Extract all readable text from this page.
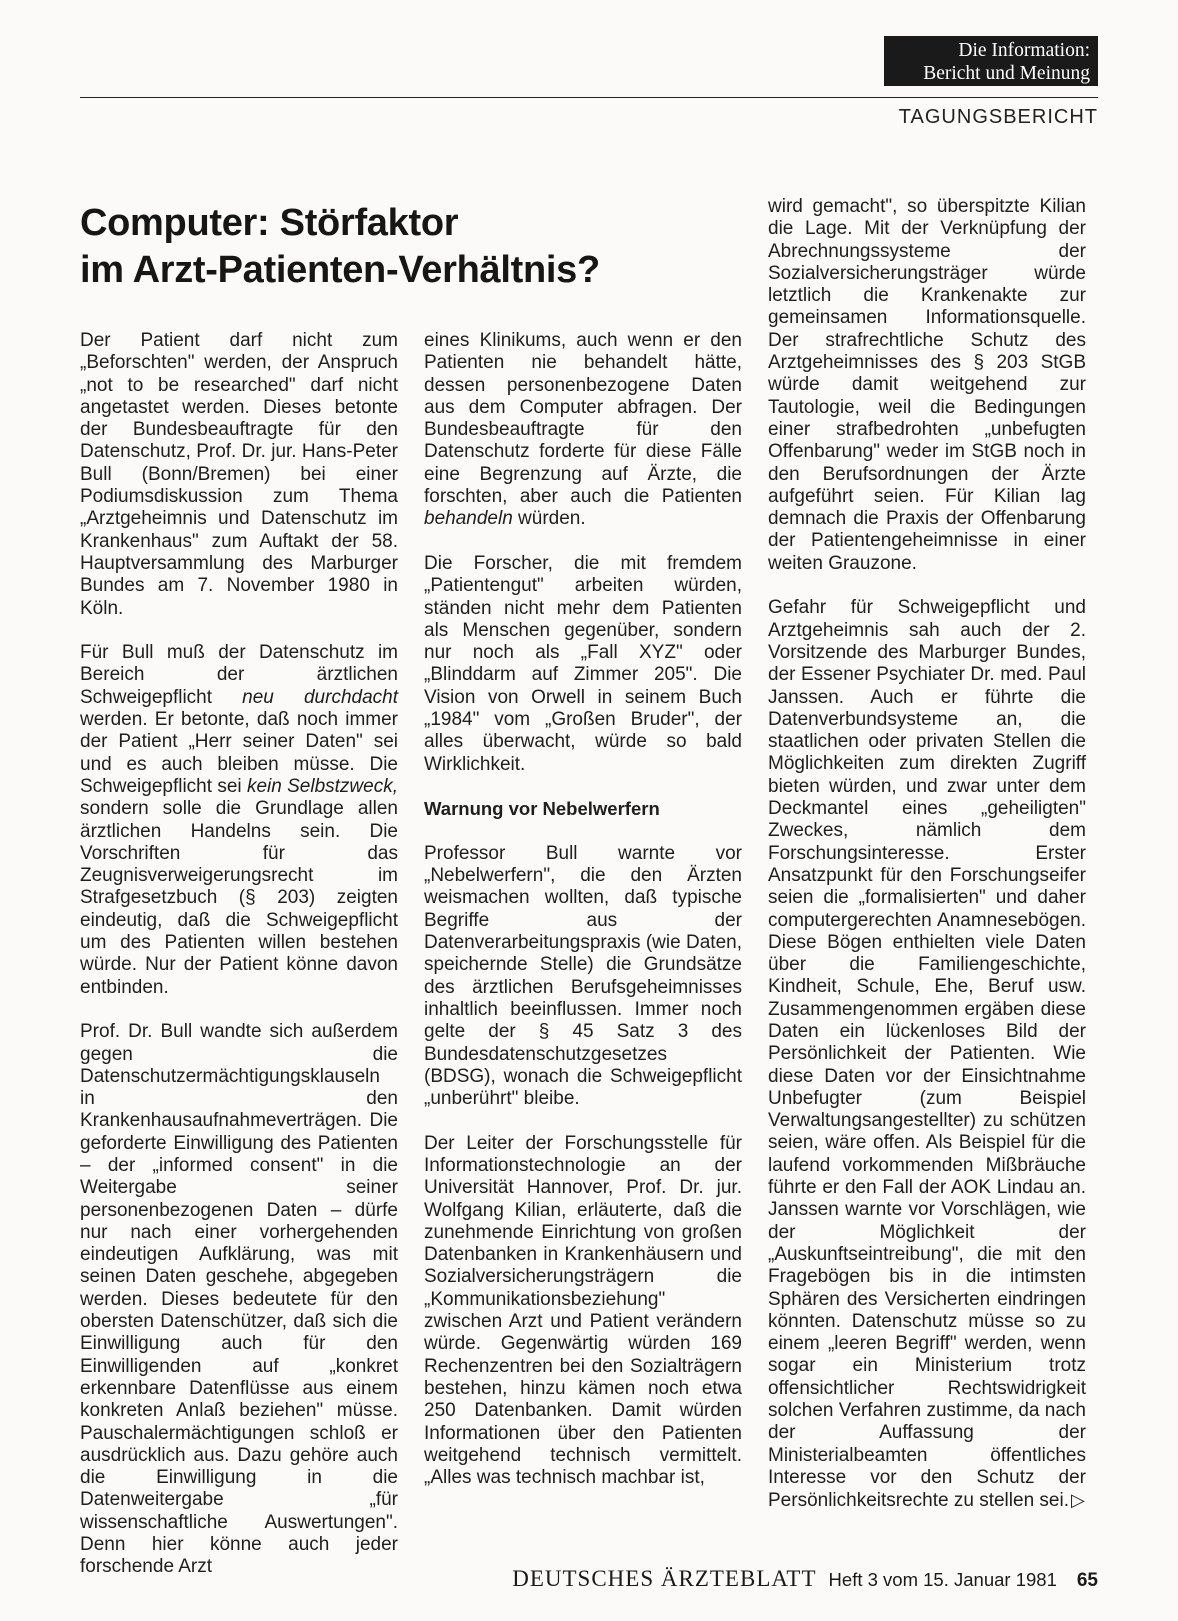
Die Information:
Bericht und Meinung
TAGUNGSBERICHT
Computer: Störfaktor
im Arzt-Patienten-Verhältnis?

Der Patient darf nicht zum „Beforschten" werden, der Anspruch „not to be researched" darf nicht angetastet werden. Dieses betonte der Bundesbeauftragte für den Datenschutz, Prof. Dr. jur. Hans-Peter Bull (Bonn/Bremen) bei einer Podiumsdiskussion zum Thema „Arztgeheimnis und Datenschutz im Krankenhaus" zum Auftakt der 58. Hauptversammlung des Marburger Bundes am 7. November 1980 in Köln.

Für Bull muß der Datenschutz im Bereich der ärztlichen Schweigepflicht neu durchdacht werden. Er betonte, daß noch immer der Patient „Herr seiner Daten" sei und es auch bleiben müsse. Die Schweigepflicht sei kein Selbstzweck, sondern solle die Grundlage allen ärztlichen Handelns sein. Die Vorschriften für das Zeugnisverweigerungsrecht im Strafgesetzbuch (§ 203) zeigten eindeutig, daß die Schweigepflicht um des Patienten willen bestehen würde. Nur der Patient könne davon entbinden.

Prof. Dr. Bull wandte sich außerdem gegen die Datenschutzermächtigungsklauseln in den Krankenhausaufnahmeverträgen. Die geforderte Einwilligung des Patienten – der „informed consent" in die Weitergabe seiner personenbezogenen Daten – dürfe nur nach einer vorhergehenden eindeutigen Aufklärung, was mit seinen Daten geschehe, abgegeben werden. Dieses bedeutete für den obersten Datenschützer, daß sich die Einwilligung auch für den Einwilligenden auf „konkret erkennbare Datenflüsse aus einem konkreten Anlaß beziehen" müsse. Pauschalermächtigungen schloß er ausdrücklich aus. Dazu gehöre auch die Einwilligung in die Datenweitergabe „für wissenschaftliche Auswertungen". Denn hier könne auch jeder forschende Arzt

eines Klinikums, auch wenn er den Patienten nie behandelt hätte, dessen personenbezogene Daten aus dem Computer abfragen. Der Bundesbeauftragte für den Datenschutz forderte für diese Fälle eine Begrenzung auf Ärzte, die forschten, aber auch die Patienten behandeln würden.

Die Forscher, die mit fremdem „Patientengut" arbeiten würden, ständen nicht mehr dem Patienten als Menschen gegenüber, sondern nur noch als „Fall XYZ" oder „Blinddarm auf Zimmer 205". Die Vision von Orwell in seinem Buch „1984" vom „Großen Bruder", der alles überwacht, würde so bald Wirklichkeit.

Warnung vor Nebelwerfern

Professor Bull warnte vor „Nebelwerfern", die den Ärzten weismachen wollten, daß typische Begriffe aus der Datenverarbeitungspraxis (wie Daten, speichernde Stelle) die Grundsätze des ärztlichen Berufsgeheimnisses inhaltlich beeinflussen. Immer noch gelte der § 45 Satz 3 des Bundesdatenschutzgesetzes (BDSG), wonach die Schweigepflicht „unberührt" bleibe.

Der Leiter der Forschungsstelle für Informationstechnologie an der Universität Hannover, Prof. Dr. jur. Wolfgang Kilian, erläuterte, daß die zunehmende Einrichtung von großen Datenbanken in Krankenhäusern und Sozialversicherungsträgern die „Kommunikationsbeziehung" zwischen Arzt und Patient verändern würde. Gegenwärtig würden 169 Rechenzentren bei den Sozialträgern bestehen, hinzu kämen noch etwa 250 Datenbanken. Damit würden Informationen über den Patienten weitgehend technisch vermittelt. „Alles was technisch machbar ist,

wird gemacht", so überspitzte Kilian die Lage. Mit der Verknüpfung der Abrechnungssysteme der Sozialversicherungsträger würde letztlich die Krankenakte zur gemeinsamen Informationsquelle. Der strafrechtliche Schutz des Arztgeheimnisses des § 203 StGB würde damit weitgehend zur Tautologie, weil die Bedingungen einer strafbedrohten „unbefugten Offenbarung" weder im StGB noch in den Berufsordnungen der Ärzte aufgeführt seien. Für Kilian lag demnach die Praxis der Offenbarung der Patientengeheimnisse in einer weiten Grauzone.

Gefahr für Schweigepflicht und Arztgeheimnis sah auch der 2. Vorsitzende des Marburger Bundes, der Essener Psychiater Dr. med. Paul Janssen. Auch er führte die Datenverbundsysteme an, die staatlichen oder privaten Stellen die Möglichkeiten zum direkten Zugriff bieten würden, und zwar unter dem Deckmantel eines „geheiligten" Zweckes, nämlich dem Forschungsinteresse. Erster Ansatzpunkt für den Forschungseifer seien die „formalisierten" und daher computergerechten Anamnesebögen. Diese Bögen enthielten viele Daten über die Familiengeschichte, Kindheit, Schule, Ehe, Beruf usw. Zusammengenommen ergäben diese Daten ein lückenloses Bild der Persönlichkeit der Patienten. Wie diese Daten vor der Einsichtnahme Unbefugter (zum Beispiel Verwaltungsangestellter) zu schützen seien, wäre offen. Als Beispiel für die laufend vorkommenden Mißbräuche führte er den Fall der AOK Lindau an. Janssen warnte vor Vorschlägen, wie der Möglichkeit der „Auskunftseintreibung", die mit den Fragebögen bis in die intimsten Sphären des Versicherten eindringen könnten. Datenschutz müsse so zu einem „leeren Begriff" werden, wenn sogar ein Ministerium trotz offensichtlicher Rechtswidrigkeit solchen Verfahren zustimme, da nach der Auffassung der Ministerialbeamten öffentliches Interesse vor den Schutz der Persönlichkeitsrechte zu stellen sei. ▷

DEUTSCHES ÄRZTEBLATT Heft 3 vom 15. Januar 1981 65
